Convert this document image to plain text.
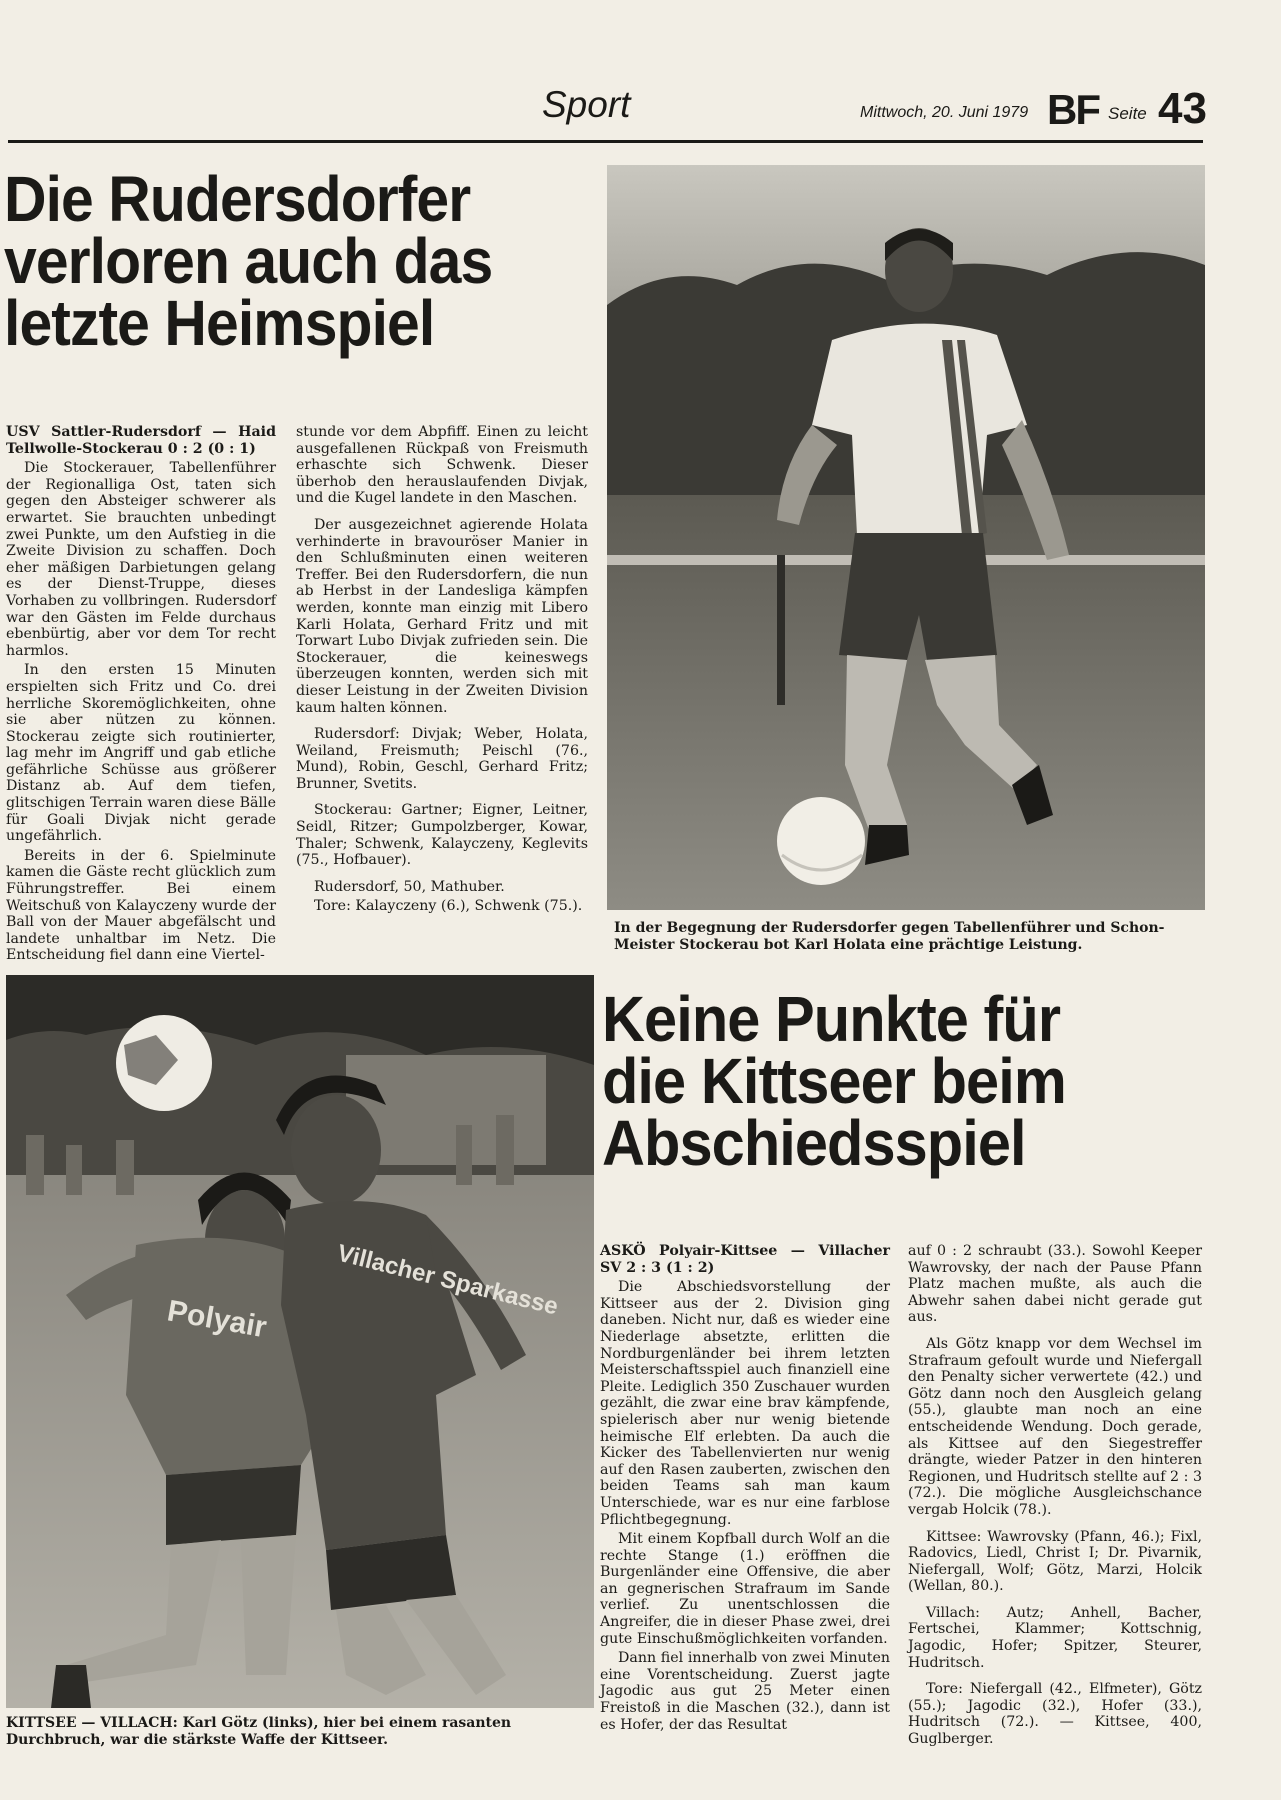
Sport	Mittwoch, 20. Juni 1979 BF Seite 43
Die Rudersdorfer
verloren auch das
letzte Heimspiel

USV Sattler-Rudersdorf — Haid Tellwolle-Stockerau 0 : 2 (0 : 1)

Die Stockerauer, Tabellenführer der Regionalliga Ost, taten sich gegen den Absteiger schwerer als erwartet. Sie brauchten unbedingt zwei Punkte, um den Aufstieg in die Zweite Division zu schaffen. Doch eher mäßigen Darbietungen gelang es der Dienst-Truppe, dieses Vorhaben zu vollbringen. Rudersdorf war den Gästen im Felde durchaus ebenbürtig, aber vor dem Tor recht harmlos.

In den ersten 15 Minuten erspielten sich Fritz und Co. drei herrliche Skoremöglichkeiten, ohne sie aber nützen zu können. Stockerau zeigte sich routinierter, lag mehr im Angriff und gab etliche gefährliche Schüsse aus größerer Distanz ab. Auf dem tiefen, glitschigen Terrain waren diese Bälle für Goali Divjak nicht gerade ungefährlich.

Bereits in der 6. Spielminute kamen die Gäste recht glücklich zum Führungstreffer. Bei einem Weitschuß von Kalayczeny wurde der Ball von der Mauer abgefälscht und landete unhaltbar im Netz. Die Entscheidung fiel dann eine Viertel-

stunde vor dem Abpfiff. Einen zu leicht ausgefallenen Rückpaß von Freismuth erhaschte sich Schwenk. Dieser überhob den herauslaufenden Divjak, und die Kugel landete in den Maschen.

Der ausgezeichnet agierende Holata verhinderte in bravouröser Manier in den Schlußminuten einen weiteren Treffer. Bei den Rudersdorfern, die nun ab Herbst in der Landesliga kämpfen werden, konnte man einzig mit Libero Karli Holata, Gerhard Fritz und mit Torwart Lubo Divjak zufrieden sein. Die Stockerauer, die keineswegs überzeugen konnten, werden sich mit dieser Leistung in der Zweiten Division kaum halten können.

Rudersdorf: Divjak; Weber, Holata, Weiland, Freismuth; Peischl (76., Mund), Robin, Geschl, Gerhard Fritz; Brunner, Svetits.

Stockerau: Gartner; Eigner, Leitner, Seidl, Ritzer; Gumpolzberger, Kowar, Thaler; Schwenk, Kalayczeny, Keglevits (75., Hofbauer).

Rudersdorf, 50, Mathuber.

Tore: Kalayczeny (6.), Schwenk (75.).

In der Begegnung der Rudersdorfer gegen Tabellenführer und Schon-Meister Stockerau bot Karl Holata eine prächtige Leistung.
Polyair	Villacher Sparkasse
KITTSEE — VILLACH: Karl Götz (links), hier bei einem rasanten Durchbruch, war die stärkste Waffe der Kittseer.
Keine Punkte für
die Kittseer beim
Abschiedsspiel

ASKÖ Polyair-Kittsee — Villacher SV 2 : 3 (1 : 2)

Die Abschiedsvorstellung der Kittseer aus der 2. Division ging daneben. Nicht nur, daß es wieder eine Niederlage absetzte, erlitten die Nordburgenländer bei ihrem letzten Meisterschaftsspiel auch finanziell eine Pleite. Lediglich 350 Zuschauer wurden gezählt, die zwar eine brav kämpfende, spielerisch aber nur wenig bietende heimische Elf erlebten. Da auch die Kicker des Tabellenvierten nur wenig auf den Rasen zauberten, zwischen den beiden Teams sah man kaum Unterschiede, war es nur eine farblose Pflichtbegegnung.

Mit einem Kopfball durch Wolf an die rechte Stange (1.) eröffnen die Burgenländer eine Offensive, die aber an gegnerischen Strafraum im Sande verlief. Zu unentschlossen die Angreifer, die in dieser Phase zwei, drei gute Einschußmöglichkeiten vorfanden.

Dann fiel innerhalb von zwei Minuten eine Vorentscheidung. Zuerst jagte Jagodic aus gut 25 Meter einen Freistoß in die Maschen (32.), dann ist es Hofer, der das Resultat

auf 0 : 2 schraubt (33.). Sowohl Keeper Wawrovsky, der nach der Pause Pfann Platz machen mußte, als auch die Abwehr sahen dabei nicht gerade gut aus.

Als Götz knapp vor dem Wechsel im Strafraum gefoult wurde und Niefergall den Penalty sicher verwertete (42.) und Götz dann noch den Ausgleich gelang (55.), glaubte man noch an eine entscheidende Wendung. Doch gerade, als Kittsee auf den Siegestreffer drängte, wieder Patzer in den hinteren Regionen, und Hudritsch stellte auf 2 : 3 (72.). Die mögliche Ausgleichschance vergab Holcik (78.).

Kittsee: Wawrovsky (Pfann, 46.); Fixl, Radovics, Liedl, Christ I; Dr. Pivarnik, Niefergall, Wolf; Götz, Marzi, Holcik (Wellan, 80.).

Villach: Autz; Anhell, Bacher, Fertschei, Klammer; Kottschnig, Jagodic, Hofer; Spitzer, Steurer, Hudritsch.

Tore: Niefergall (42., Elfmeter), Götz (55.); Jagodic (32.), Hofer (33.), Hudritsch (72.). — Kittsee, 400, Guglberger.
